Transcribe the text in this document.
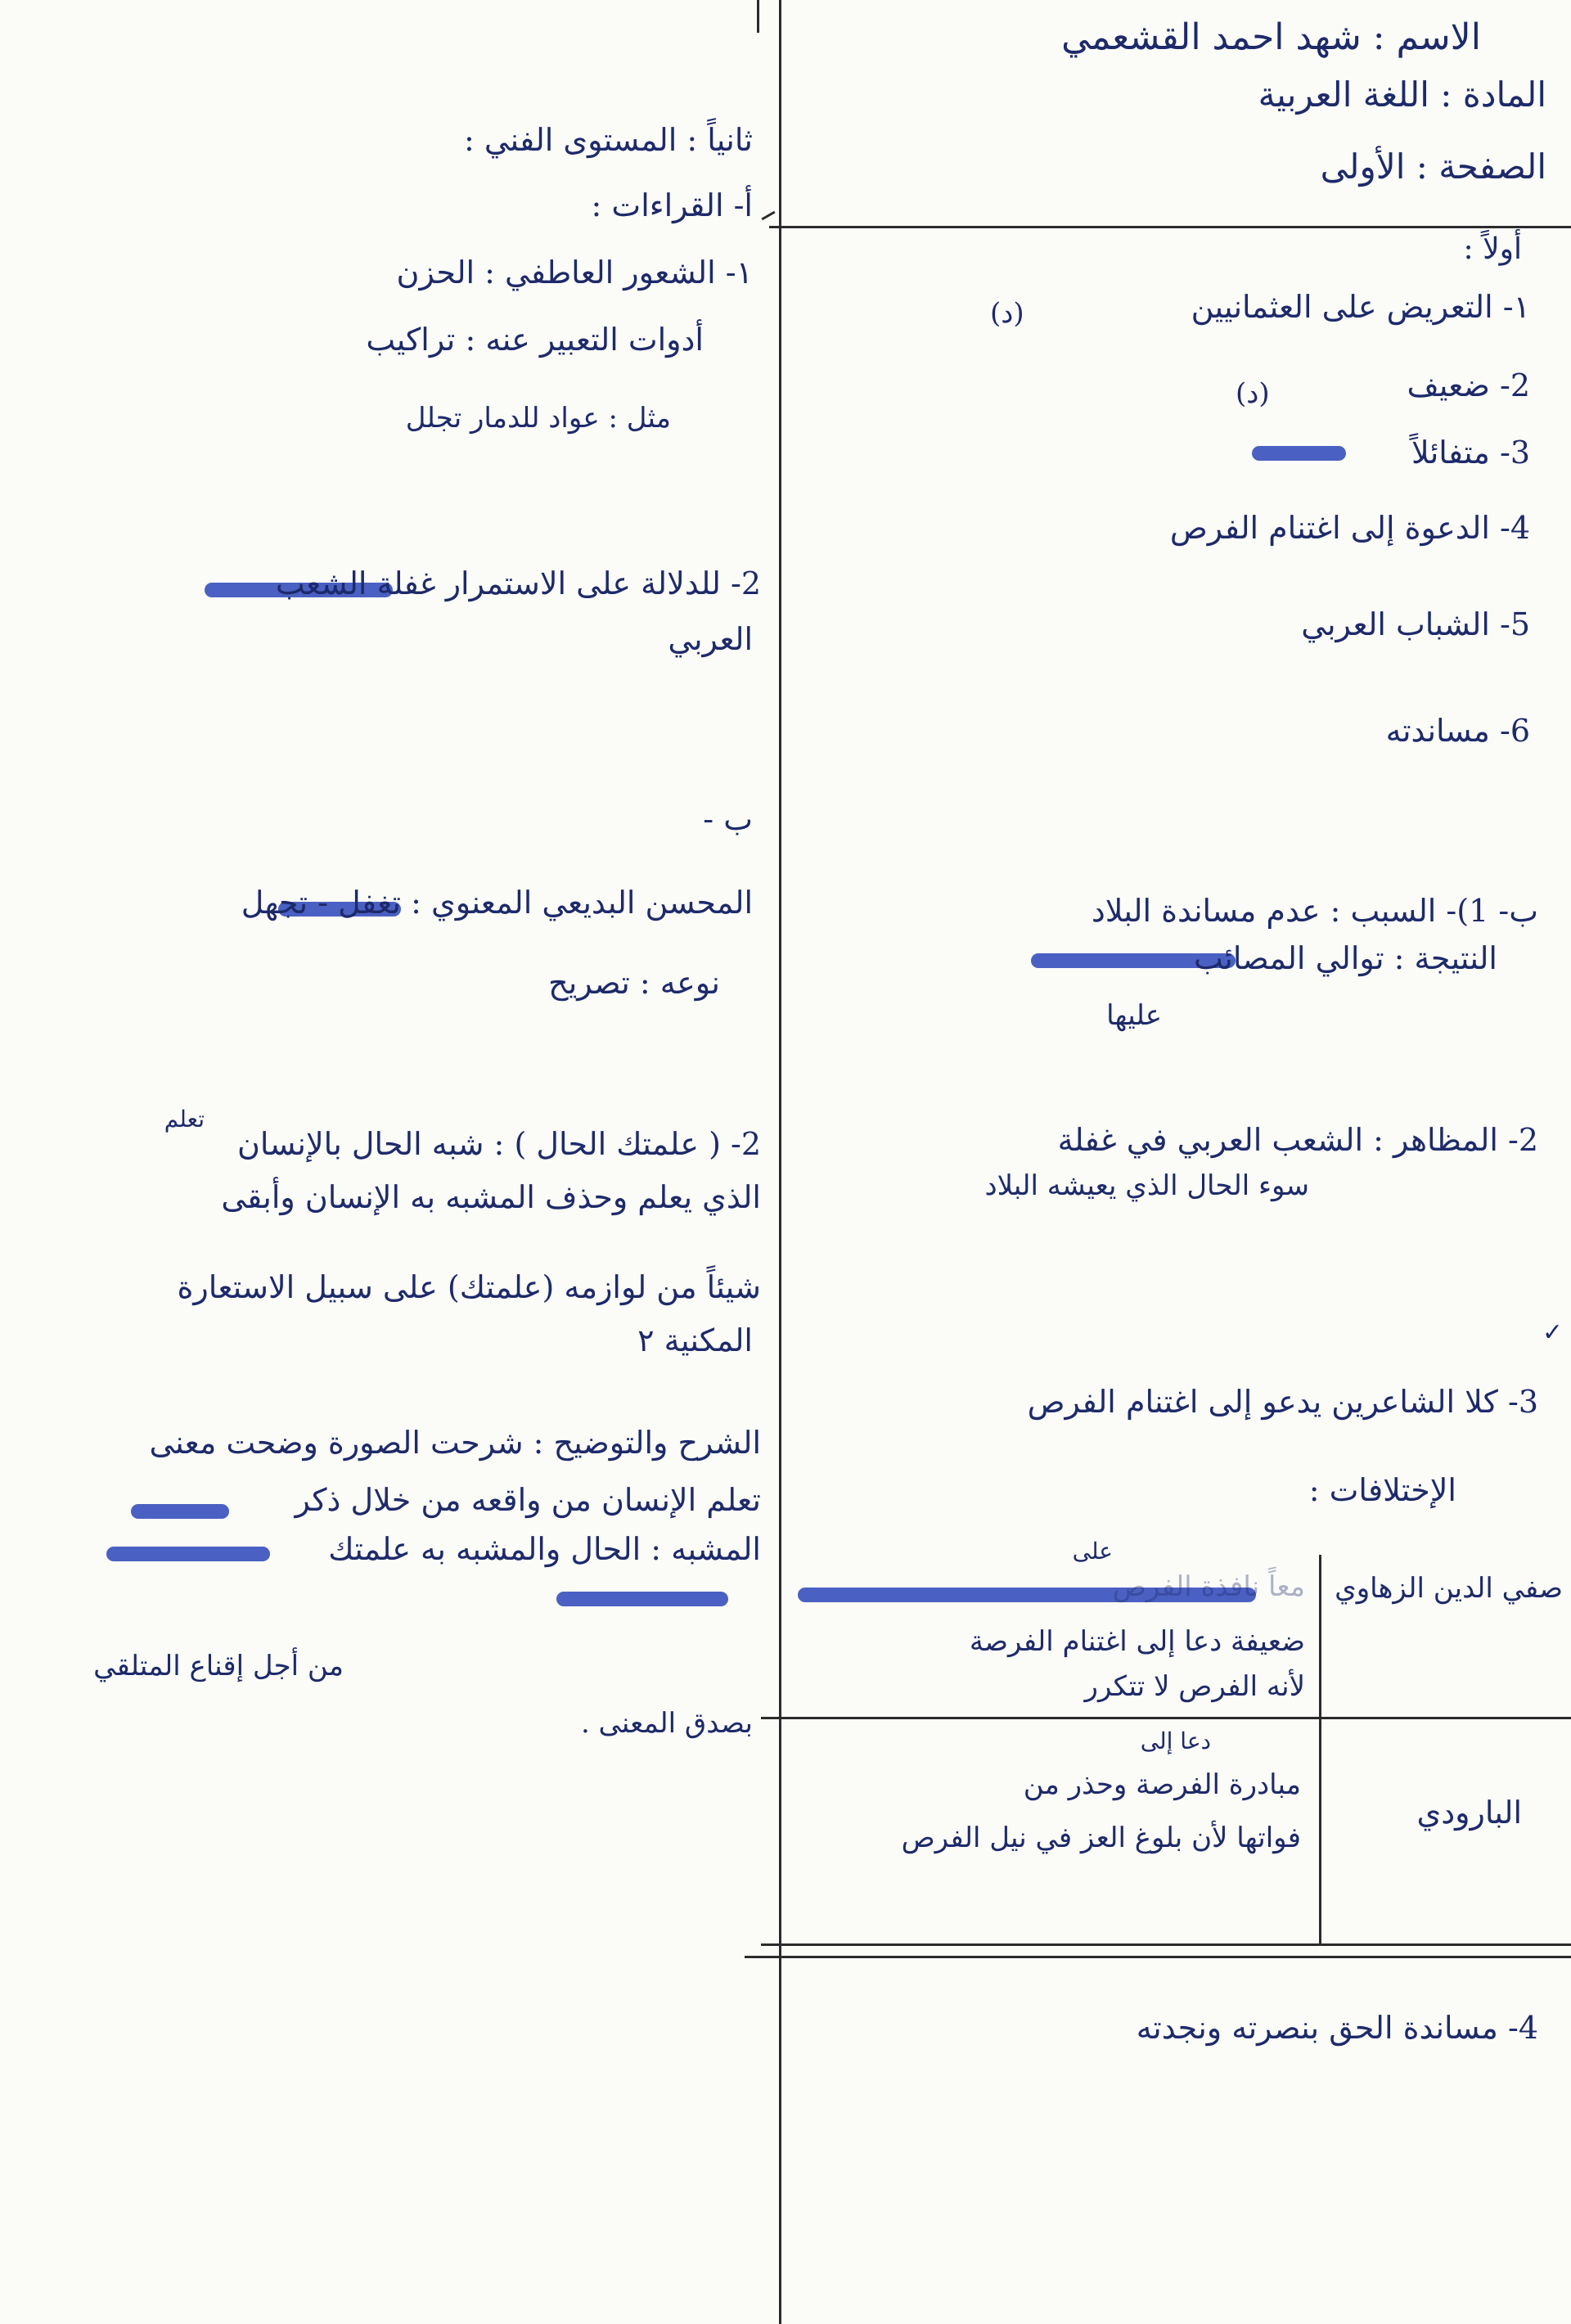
الاسم : شهد احمد القشعمي
المادة : اللغة العربية
الصفحة : الأولى
أولاً :
١- التعريض على العثمانيين
(د)
2- ضعيف
(د)
3- متفائلاً
4- الدعوة إلى اغتنام الفرص
5- الشباب العربي
6- مساندته
ب- 1)- السبب : عدم مساندة البلاد
النتيجة : توالي المصائب
عليها
2- المظاهر : الشعب العربي في غفلة
سوء الحال الذي يعيشه البلاد
✓
3- كلا الشاعرين يدعو إلى اغتنام الفرص
الإختلافات :
صفي الدين الزهاوي
على
معاً نافذة الفرص
ضعيفة دعا إلى اغتنام الفرصة
لأنه الفرص لا تتكرر
البارودي
دعا إلى
مبادرة الفرصة وحذر من
فواتها لأن بلوغ العز في نيل الفرص
4- مساندة الحق بنصرته ونجدته
ثانياً : المستوى الفني :
أ- القراءات :
١- الشعور العاطفي : الحزن
أدوات التعبير عنه : تراكيب
مثل : عواد للدمار تجلل
2- للدلالة على الاستمرار غفلة الشعب
العربي
ب -
المحسن البديعي المعنوي : تغفل - تجهل
نوعه : تصريح
تعلم
2- ( علمتك الحال ) : شبه الحال بالإنسان
الذي يعلم وحذف المشبه به الإنسان وأبقى
شيئاً من لوازمه (علمتك) على سبيل الاستعارة
المكنية ٢
الشرح والتوضيح : شرحت الصورة وضحت معنى
تعلم الإنسان من واقعه من خلال ذكر
المشبه : الحال والمشبه به علمتك
من أجل إقناع المتلقي
بصدق المعنى .
